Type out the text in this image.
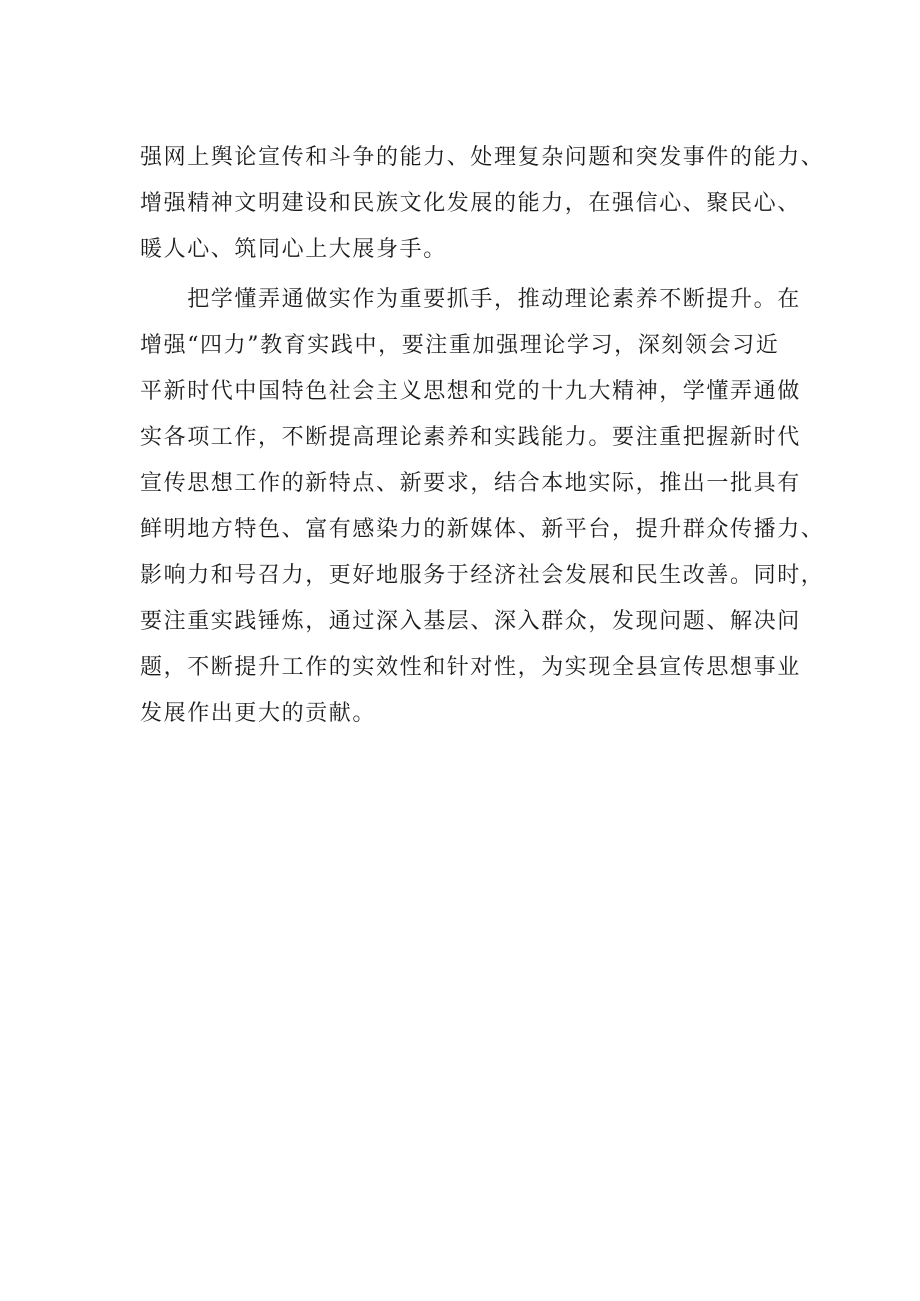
强网上舆论宣传和斗争的能力、处理复杂问题和突发事件的能力、
增强精神文明建设和民族文化发展的能力，在强信心、聚民心、
暖人心、筑同心上大展身手。
　　把学懂弄通做实作为重要抓手，推动理论素养不断提升。在
增强“四力”教育实践中，要注重加强理论学习，深刻领会习近
平新时代中国特色社会主义思想和党的十九大精神，学懂弄通做
实各项工作，不断提高理论素养和实践能力。要注重把握新时代
宣传思想工作的新特点、新要求，结合本地实际，推出一批具有
鲜明地方特色、富有感染力的新媒体、新平台，提升群众传播力、
影响力和号召力，更好地服务于经济社会发展和民生改善。同时，
要注重实践锤炼，通过深入基层、深入群众，发现问题、解决问
题，不断提升工作的实效性和针对性，为实现全县宣传思想事业
发展作出更大的贡献。
